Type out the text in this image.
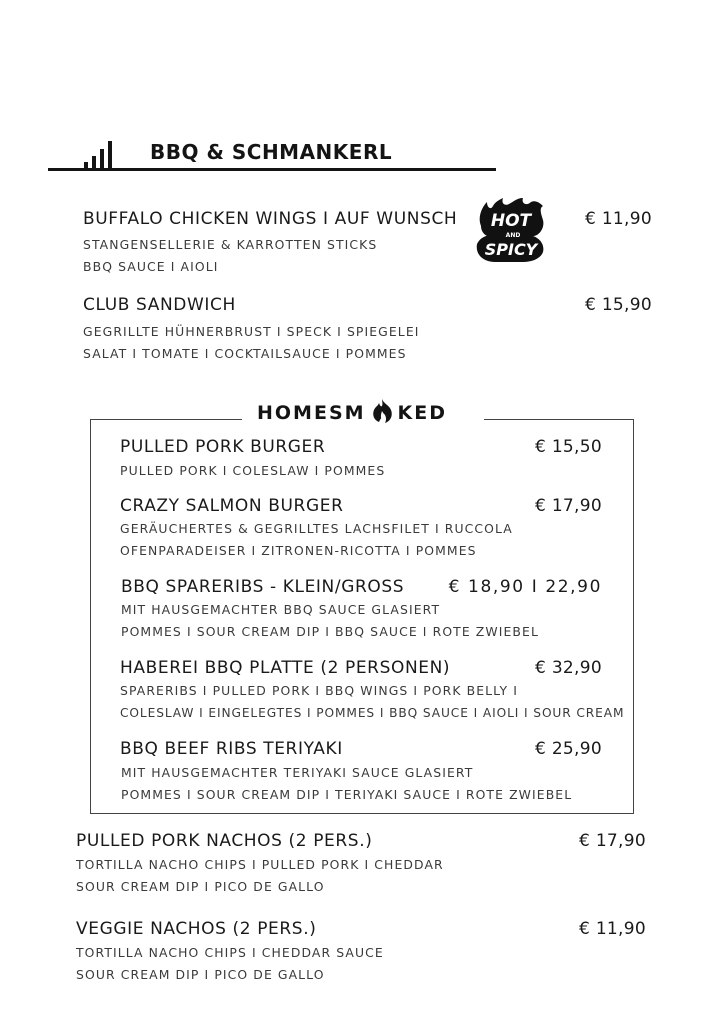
BBQ & SCHMANKERL
BUFFALO CHICKEN WINGS I AUF WUNSCH	€ 11,90
STANGENSELLERIE & KARROTTEN STICKS
BBQ SAUCE I AIOLI
HOT
AND
SPICY
CLUB SANDWICH	€ 15,90
GEGRILLTE HÜHNERBRUST I SPECK I SPIEGELEI
SALAT I TOMATE I COCKTAILSAUCE I POMMES
HOMESM KED
PULLED PORK BURGER	€ 15,50
PULLED PORK I COLESLAW I POMMES
CRAZY SALMON BURGER	€ 17,90
GERÄUCHERTES & GEGRILLTES LACHSFILET I RUCCOLA
OFENPARADEISER I ZITRONEN-RICOTTA I POMMES
BBQ SPARERIBS - KLEIN/GROSS	€ 18,90 I 22,90
MIT HAUSGEMACHTER BBQ SAUCE GLASIERT
POMMES I SOUR CREAM DIP I BBQ SAUCE I ROTE ZWIEBEL
HABEREI BBQ PLATTE (2 PERSONEN)	€ 32,90
SPARERIBS I PULLED PORK I BBQ WINGS I PORK BELLY I
COLESLAW I EINGELEGTES I POMMES I BBQ SAUCE I AIOLI I SOUR CREAM
BBQ BEEF RIBS TERIYAKI	€ 25,90
MIT HAUSGEMACHTER TERIYAKI SAUCE GLASIERT
POMMES I SOUR CREAM DIP I TERIYAKI SAUCE I ROTE ZWIEBEL
PULLED PORK NACHOS (2 PERS.)	€ 17,90
TORTILLA NACHO CHIPS I PULLED PORK I CHEDDAR
SOUR CREAM DIP I PICO DE GALLO
VEGGIE NACHOS (2 PERS.)	€ 11,90
TORTILLA NACHO CHIPS I CHEDDAR SAUCE
SOUR CREAM DIP I PICO DE GALLO
